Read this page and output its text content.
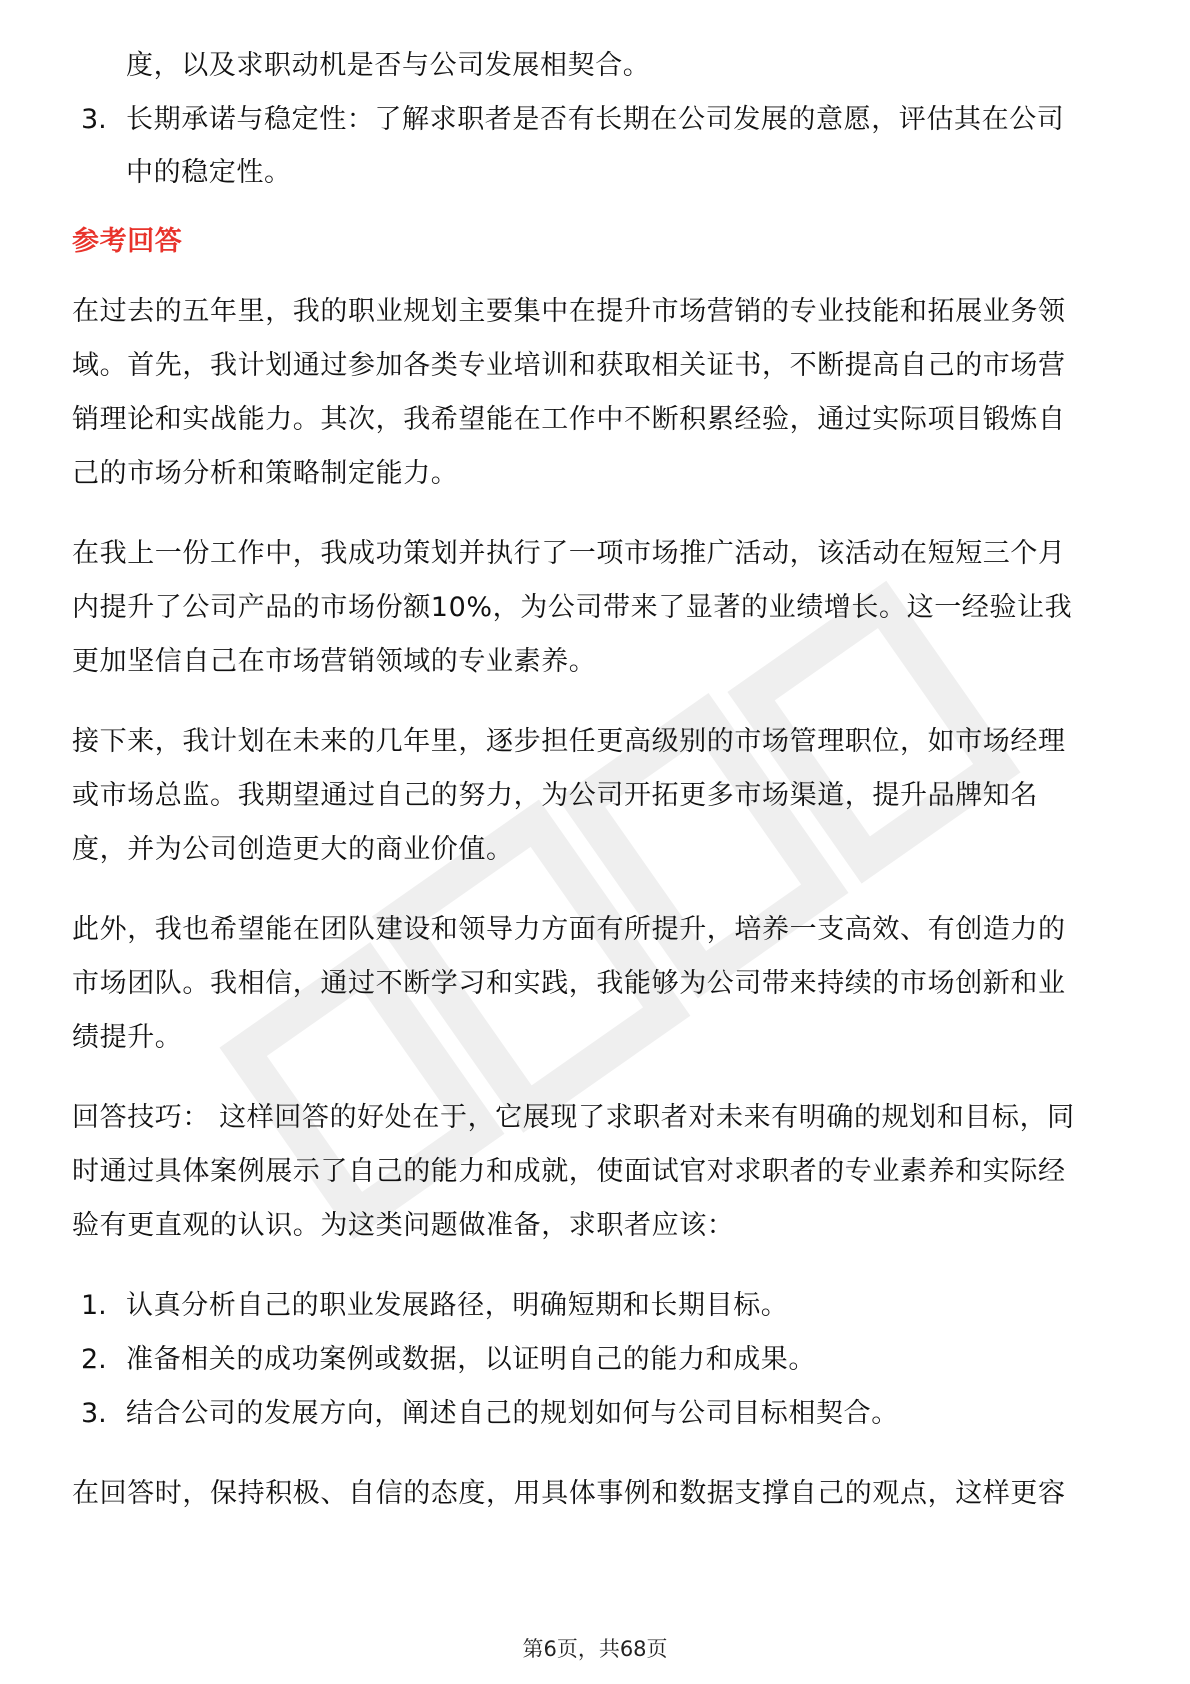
度，以及求职动机是否与公司发展相契合。
3. 长期承诺与稳定性：了解求职者是否有长期在公司发展的意愿，评估其在公司
中的稳定性。
参考回答
在过去的五年里，我的职业规划主要集中在提升市场营销的专业技能和拓展业务领
域。首先，我计划通过参加各类专业培训和获取相关证书，不断提高自己的市场营
销理论和实战能力。其次，我希望能在工作中不断积累经验，通过实际项目锻炼自
己的市场分析和策略制定能力。
在我上一份工作中，我成功策划并执行了一项市场推广活动，该活动在短短三个月
内提升了公司产品的市场份额10%，为公司带来了显著的业绩增长。这一经验让我
更加坚信自己在市场营销领域的专业素养。
接下来，我计划在未来的几年里，逐步担任更高级别的市场管理职位，如市场经理
或市场总监。我期望通过自己的努力，为公司开拓更多市场渠道，提升品牌知名
度，并为公司创造更大的商业价值。
此外，我也希望能在团队建设和领导力方面有所提升，培养一支高效、有创造力的
市场团队。我相信，通过不断学习和实践，我能够为公司带来持续的市场创新和业
绩提升。
回答技巧： 这样回答的好处在于，它展现了求职者对未来有明确的规划和目标，同
时通过具体案例展示了自己的能力和成就，使面试官对求职者的专业素养和实际经
验有更直观的认识。为这类问题做准备，求职者应该：
1. 认真分析自己的职业发展路径，明确短期和长期目标。
2. 准备相关的成功案例或数据，以证明自己的能力和成果。
3. 结合公司的发展方向，阐述自己的规划如何与公司目标相契合。
在回答时，保持积极、自信的态度，用具体事例和数据支撑自己的观点，这样更容
第6页，共68页
